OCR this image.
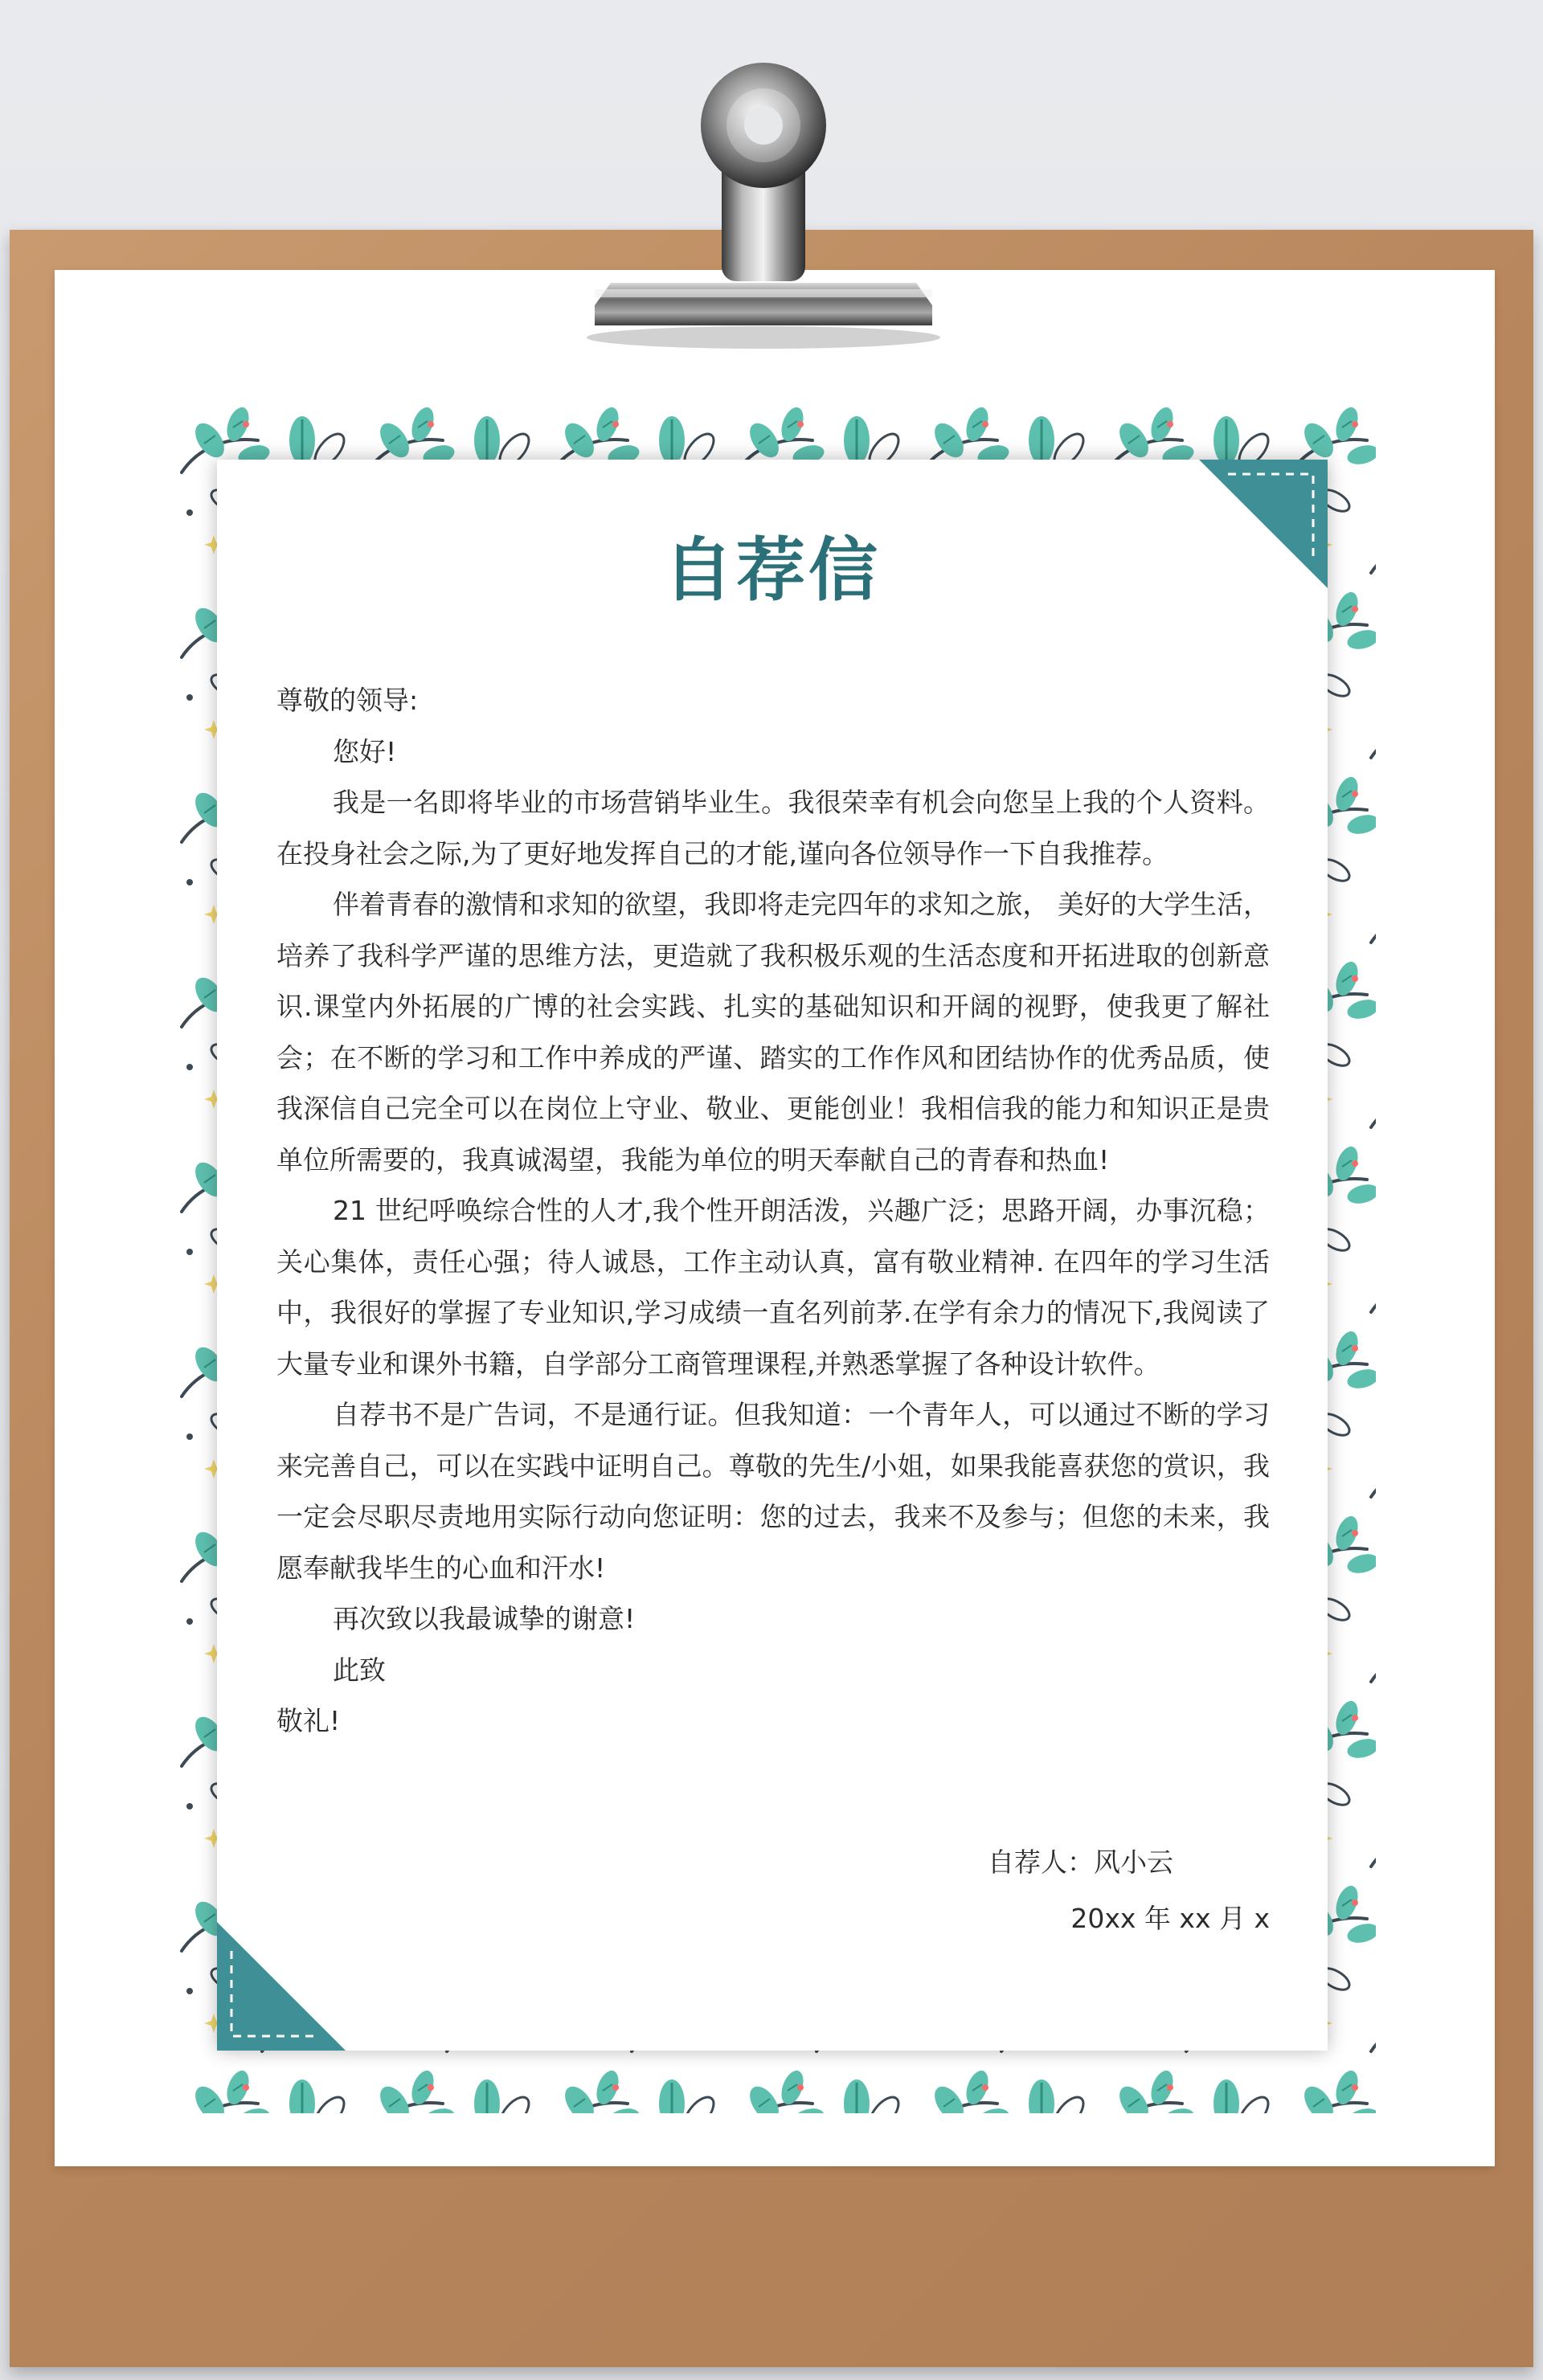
自荐信

尊敬的领导:

您好!

我是一名即将毕业的市场营销毕业生。我很荣幸有机会向您呈上我的个人资料。在投身社会之际,为了更好地发挥自己的才能,谨向各位领导作一下自我推荐。

伴着青春的激情和求知的欲望，我即将走完四年的求知之旅， 美好的大学生活，培养了我科学严谨的思维方法，更造就了我积极乐观的生活态度和开拓进取的创新意识.课堂内外拓展的广博的社会实践、扎实的基础知识和开阔的视野，使我更了解社会；在不断的学习和工作中养成的严谨、踏实的工作作风和团结协作的优秀品质，使我深信自己完全可以在岗位上守业、敬业、更能创业！我相信我的能力和知识正是贵单位所需要的，我真诚渴望，我能为单位的明天奉献自己的青春和热血!

21 世纪呼唤综合性的人才,我个性开朗活泼，兴趣广泛；思路开阔，办事沉稳；关心集体，责任心强；待人诚恳，工作主动认真，富有敬业精神. 在四年的学习生活中，我很好的掌握了专业知识,学习成绩一直名列前茅.在学有余力的情况下,我阅读了大量专业和课外书籍，自学部分工商管理课程,并熟悉掌握了各种设计软件。

自荐书不是广告词，不是通行证。但我知道：一个青年人，可以通过不断的学习来完善自己，可以在实践中证明自己。尊敬的先生/小姐，如果我能喜获您的赏识，我一定会尽职尽责地用实际行动向您证明：您的过去，我来不及参与；但您的未来，我愿奉献我毕生的心血和汗水!

再次致以我最诚挚的谢意!

此致

敬礼!

自荐人：风小云
20xx 年 xx 月 x
